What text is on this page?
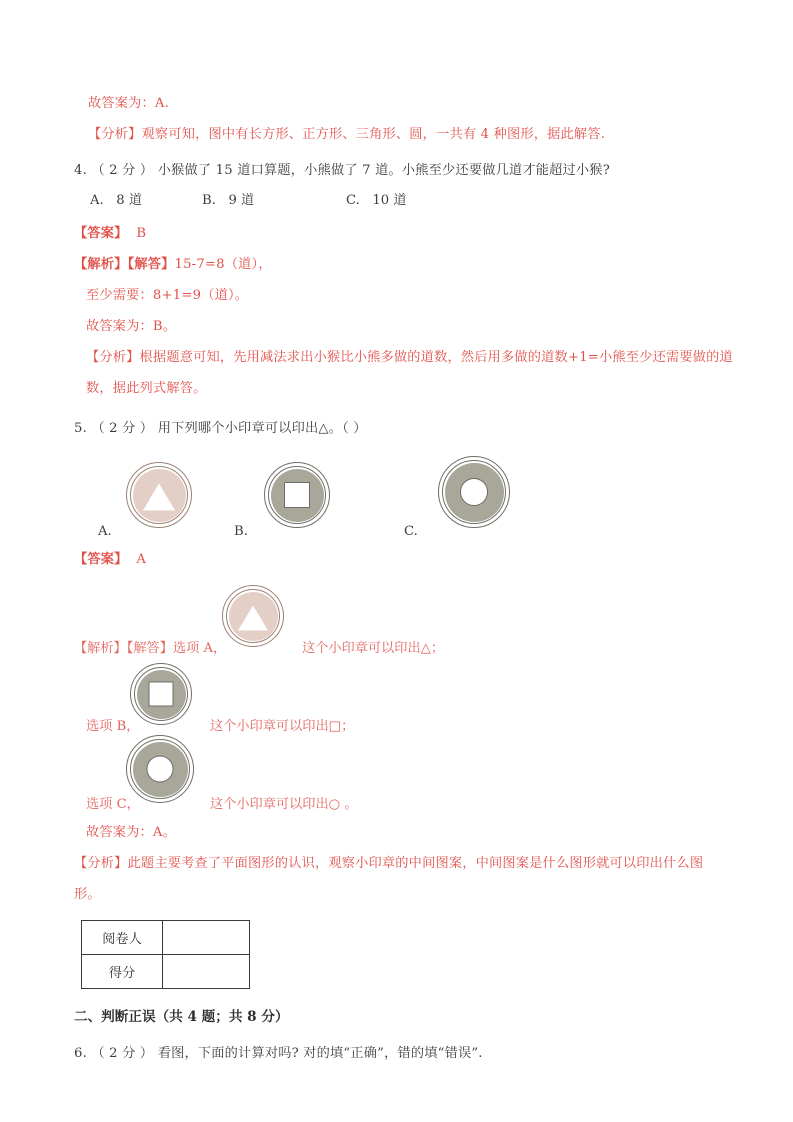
故答案为：A.
【分析】观察可知，图中有长方形、正方形、三角形、圆，一共有 4 种图形，据此解答.
4. （ 2 分 ） 小猴做了 15 道口算题，小熊做了 7 道。小熊至少还要做几道才能超过小猴?
A. 8 道	B. 9 道	C. 10 道
【答案】 B
【解析】【解答】15-7=8（道），
至少需要：8+1=9（道）。
故答案为：B。
【分析】根据题意可知，先用减法求出小猴比小熊多做的道数，然后用多做的道数+1=小熊至少还需要做的道数，据此列式解答。
5. （ 2 分 ） 用下列哪个小印章可以印出△。（ ）
A.	B.	C.
【答案】 A
【解析】【解答】选项 A，	这个小印章可以印出△；
选项 B，	这个小印章可以印出□；
选项 C，	这个小印章可以印出○ 。
故答案为：A。
【分析】此题主要考查了平面图形的认识，观察小印章的中间图案，中间图案是什么图形就可以印出什么图形。
阅卷人	
得分	
二、判断正误（共 4 题；共 8 分）
6. （ 2 分 ） 看图，下面的计算对吗? 对的填“正确”，错的填“错误”.
